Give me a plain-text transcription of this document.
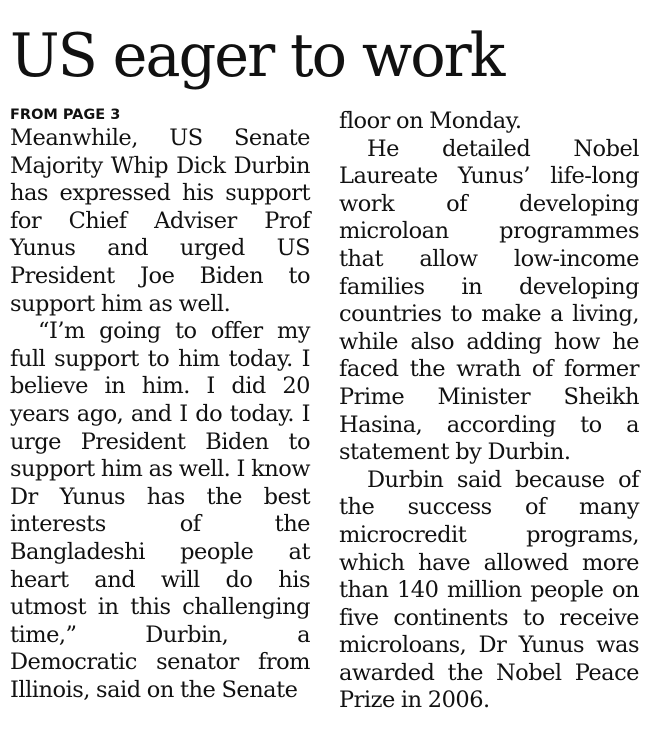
US eager to work
FROM PAGE 3

Meanwhile, US Senate Majority Whip Dick Durbin has expressed his support for Chief Adviser Prof Yunus and urged US President Joe Biden to support him as well.

“I’m going to offer my full support to him today. I believe in him. I did 20 years ago, and I do today. I urge President Biden to support him as well. I know Dr Yunus has the best interests of the Bangladeshi people at heart and will do his utmost in this challenging time,” Durbin, a Democratic senator from Illinois, said on the Senate

floor on Monday.

He detailed Nobel Laureate Yunus’ life-long work of developing microloan programmes that allow low-income families in developing countries to make a living, while also adding how he faced the wrath of former Prime Minister Sheikh Hasina, according to a statement by Durbin.

Durbin said because of the success of many microcredit programs, which have allowed more than 140 million people on five continents to receive microloans, Dr Yunus was awarded the Nobel Peace Prize in 2006.
